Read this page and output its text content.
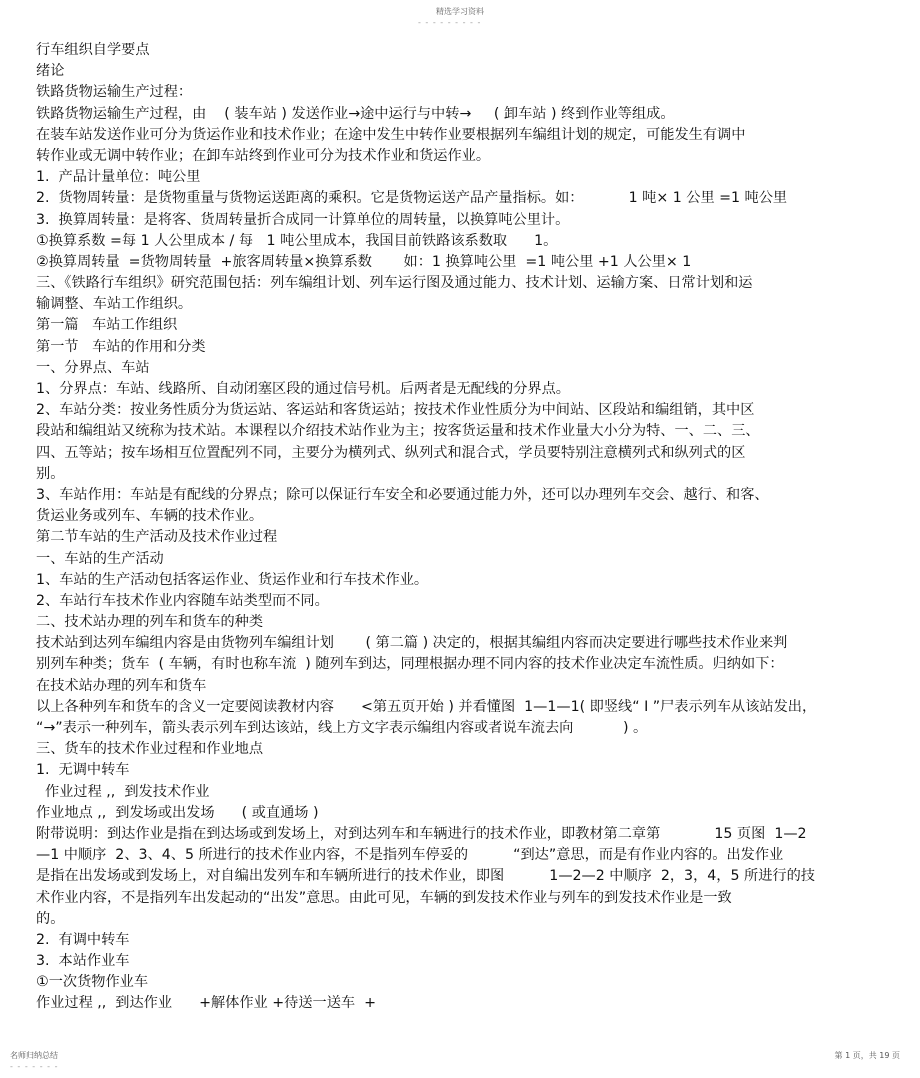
精选学习资料
- - - - - - - - -
行车组织自学要点
绪论
铁路货物运输生产过程：
铁路货物运输生产过程，由    ( 装车站 ) 发送作业→途中运行与中转→     ( 卸车站 ) 终到作业等组成。
在装车站发送作业可分为货运作业和技术作业；在途中发生中转作业要根据列车编组计划的规定，可能发生有调中
转作业或无调中转作业；在卸车站终到作业可分为技术作业和货运作业。
1.  产品计量单位：吨公里
2.  货物周转量：是货物重量与货物运送距离的乘积。它是货物运送产品产量指标。如：          1 吨× 1 公里 =1 吨公里
3.  换算周转量：是将客、货周转量折合成同一计算单位的周转量，以换算吨公里计。
①换算系数 =每 1 人公里成本 / 每   1 吨公里成本，我国目前铁路该系数取      1。
②换算周转量  =货物周转量  +旅客周转量×换算系数       如：1 换算吨公里  =1 吨公里 +1 人公里× 1
三、《铁路行车组织》研究范围包括：列车编组计划、列车运行图及通过能力、技术计划、运输方案、日常计划和运
输调整、车站工作组织。
第一篇   车站工作组织
第一节   车站的作用和分类
一、分界点、车站
1、分界点：车站、线路所、自动闭塞区段的通过信号机。后两者是无配线的分界点。
2、车站分类：按业务性质分为货运站、客运站和客货运站；按技术作业性质分为中间站、区段站和编组销，其中区
段站和编组站又统称为技术站。本课程以介绍技术站作业为主；按客货运量和技术作业量大小分为特、一、二、三、
四、五等站；按车场相互位置配列不同，主要分为横列式、纵列式和混合式，学员要特别注意横列式和纵列式的区
别。
3、车站作用：车站是有配线的分界点；除可以保证行车安全和必要通过能力外，还可以办理列车交会、越行、和客、
货运业务或列车、车辆的技术作业。
第二节车站的生产活动及技术作业过程
一、车站的生产活动
1、车站的生产活动包括客运作业、货运作业和行车技术作业。
2、车站行车技术作业内容随车站类型而不同。
二、技术站办理的列车和货车的种类
技术站到达列车编组内容是由货物列车编组计划       ( 第二篇 ) 决定的，根据其编组内容而决定要进行哪些技术作业来判
别列车种类；货车  ( 车辆，有时也称车流  ) 随列车到达，同理根据办理不同内容的技术作业决定车流性质。归纳如下：
在技术站办理的列车和货车
以上各种列车和货车的含义一定要阅读教材内容      <第五页开始 ) 并看懂图  1—1—1( 即竖线“ I ”尸表示列车从该站发出，
“→”表示一种列车，箭头表示列车到达该站，线上方文字表示编组内容或者说车流去向           ) 。
三、货车的技术作业过程和作业地点
1.  无调中转车
作业过程 ,,  到发技术作业
作业地点 ,,  到发场或出发场      ( 或直通场 )
附带说明：到达作业是指在到达场或到发场上，对到达列车和车辆进行的技术作业，即教材第二章第            15 页图  1—2
—1 中顺序  2、3、4、5 所进行的技术作业内容，不是指列车停妥的          “到达”意思，而是有作业内容的。出发作业
是指在出发场或到发场上，对自编出发列车和车辆所进行的技术作业，即图          1—2—2 中顺序  2，3，4，5 所进行的技
术作业内容，不是指列车出发起动的“出发”意思。由此可见，车辆的到发技术作业与列车的到发技术作业是一致
的。
2.  有调中转车
3.  本站作业车
①一次货物作业车
作业过程 ,,  到达作业      +解体作业 +待送一送车  +
名师归纳总结
- - - - - - -
第 1 页，共 19 页
